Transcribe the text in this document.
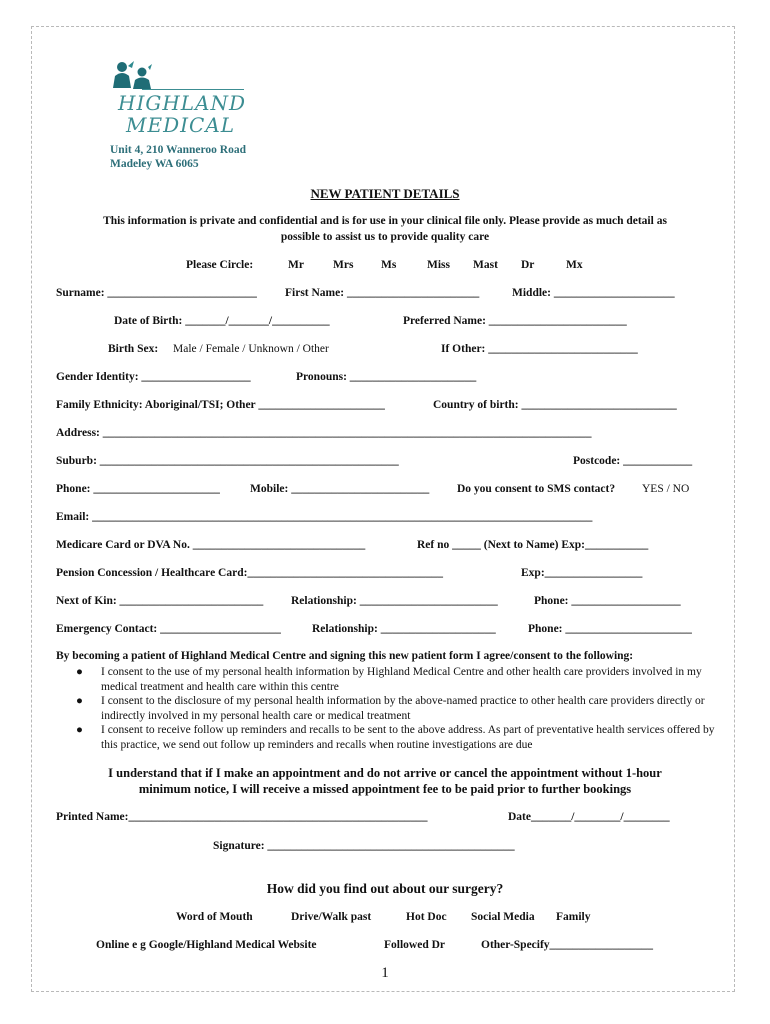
HIGHLAND
MEDICAL
Unit 4, 210 Wanneroo Road
Madeley WA 6065
NEW PATIENT DETAILS
This information is private and confidential and is for use in your clinical file only. Please provide as much detail as
possible to assist us to provide quality care
Please Circle:	Mr	Mrs Ms	Miss Mast Dr	Mx
Surname: __________________________ First Name: _______________________	Middle: _____________________
Date of Birth: _______/_______/__________	Preferred Name: ________________________
Birth Sex: Male / Female / Unknown / Other	If Other: __________________________
Gender Identity: ___________________	Pronouns: ______________________
Family Ethnicity: Aboriginal/TSI; Other ______________________	Country of birth: ___________________________
Address: _____________________________________________________________________________________
Suburb: ____________________________________________________	Postcode: ____________
Phone: ______________________	Mobile: ________________________ Do you consent to SMS contact? YES / NO
Email: _______________________________________________________________________________________
Medicare Card or DVA No. ______________________________	Ref no _____ (Next to Name) Exp:___________
Pension Concession / Healthcare Card:__________________________________	Exp:_________________
Next of Kin: _________________________ Relationship: ________________________	Phone: ___________________
Emergency Contact: _____________________	Relationship: ____________________	Phone: ______________________
By becoming a patient of Highland Medical Centre and signing this new patient form I agree/consent to the following:
● I consent to the use of my personal health information by Highland Medical Centre and other health care providers involved in my medical treatment and health care within this centre
● I consent to the disclosure of my personal health information by the above-named practice to other health care providers directly or indirectly involved in my personal health care or medical treatment
● I consent to receive follow up reminders and recalls to be sent to the above address. As part of preventative health services offered by this practice, we send out follow up reminders and recalls when routine investigations are due
I understand that if I make an appointment and do not arrive or cancel the appointment without 1-hour
minimum notice, I will receive a missed appointment fee to be paid prior to further bookings
Printed Name:____________________________________________________	Date_______/________/________
Signature: ___________________________________________
How did you find out about our surgery?
Word of Mouth	Drive/Walk past	Hot Doc Social Media Family
Online e g Google/Highland Medical Website	Followed Dr	Other-Specify__________________
1
